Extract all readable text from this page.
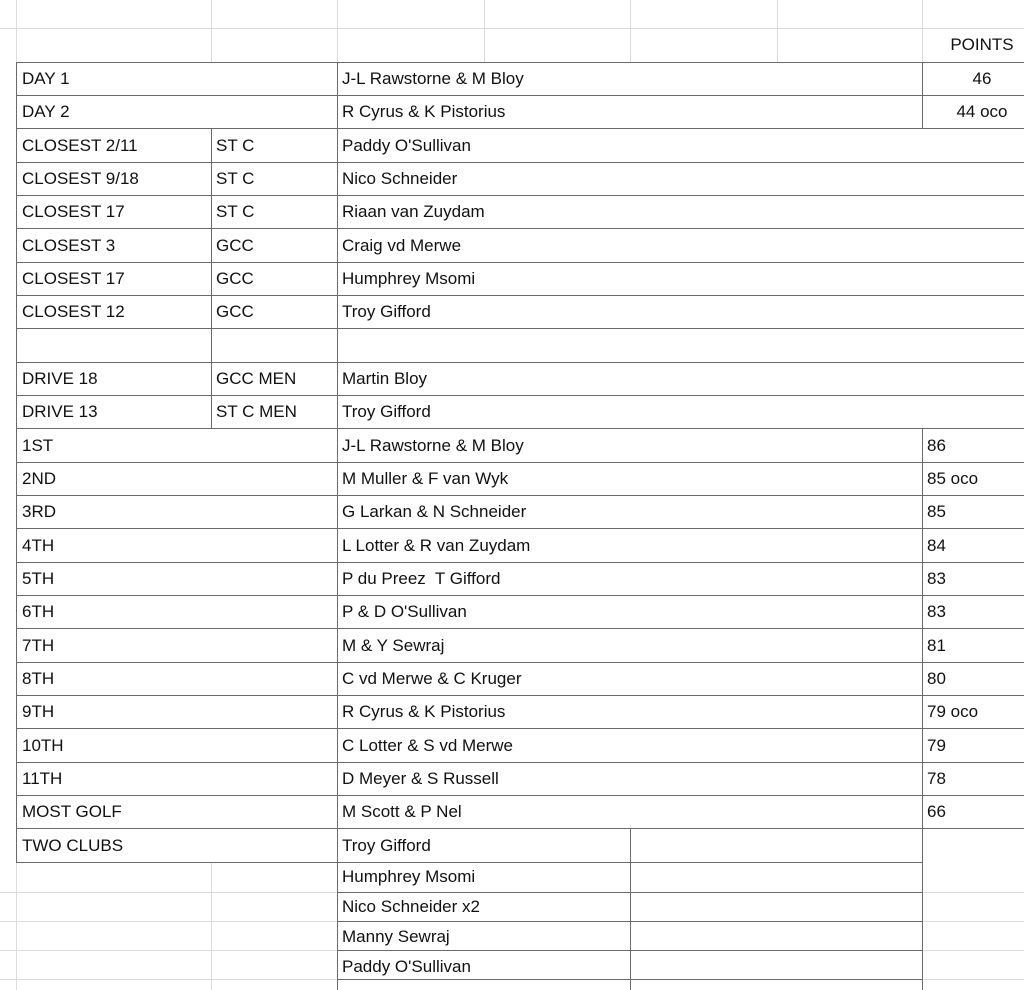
POINTS
DAY 1	J-L Rawstorne & M Bloy	46
DAY 2	R Cyrus & K Pistorius	44 oco
CLOSEST 2/11	ST C	Paddy O'Sullivan
CLOSEST 9/18	ST C	Nico Schneider
CLOSEST 17	ST C	Riaan van Zuydam
CLOSEST 3	GCC	Craig vd Merwe
CLOSEST 17	GCC	Humphrey Msomi
CLOSEST 12	GCC	Troy Gifford
DRIVE 18	GCC MEN	Martin Bloy
DRIVE 13	ST C MEN	Troy Gifford
1ST	J-L Rawstorne & M Bloy	86
2ND	M Muller & F van Wyk	85 oco
3RD	G Larkan & N Schneider	85
4TH	L Lotter & R van Zuydam	84
5TH	P du Preez  T Gifford	83
6TH	P & D O'Sullivan	83
7TH	M & Y Sewraj	81
8TH	C vd Merwe & C Kruger	80
9TH	R Cyrus & K Pistorius	79 oco
10TH	C Lotter & S vd Merwe	79
11TH	D Meyer & S Russell	78
MOST GOLF	M Scott & P Nel	66
TWO CLUBS	Troy Gifford
Humphrey Msomi
Nico Schneider x2
Manny Sewraj
Paddy O'Sullivan
